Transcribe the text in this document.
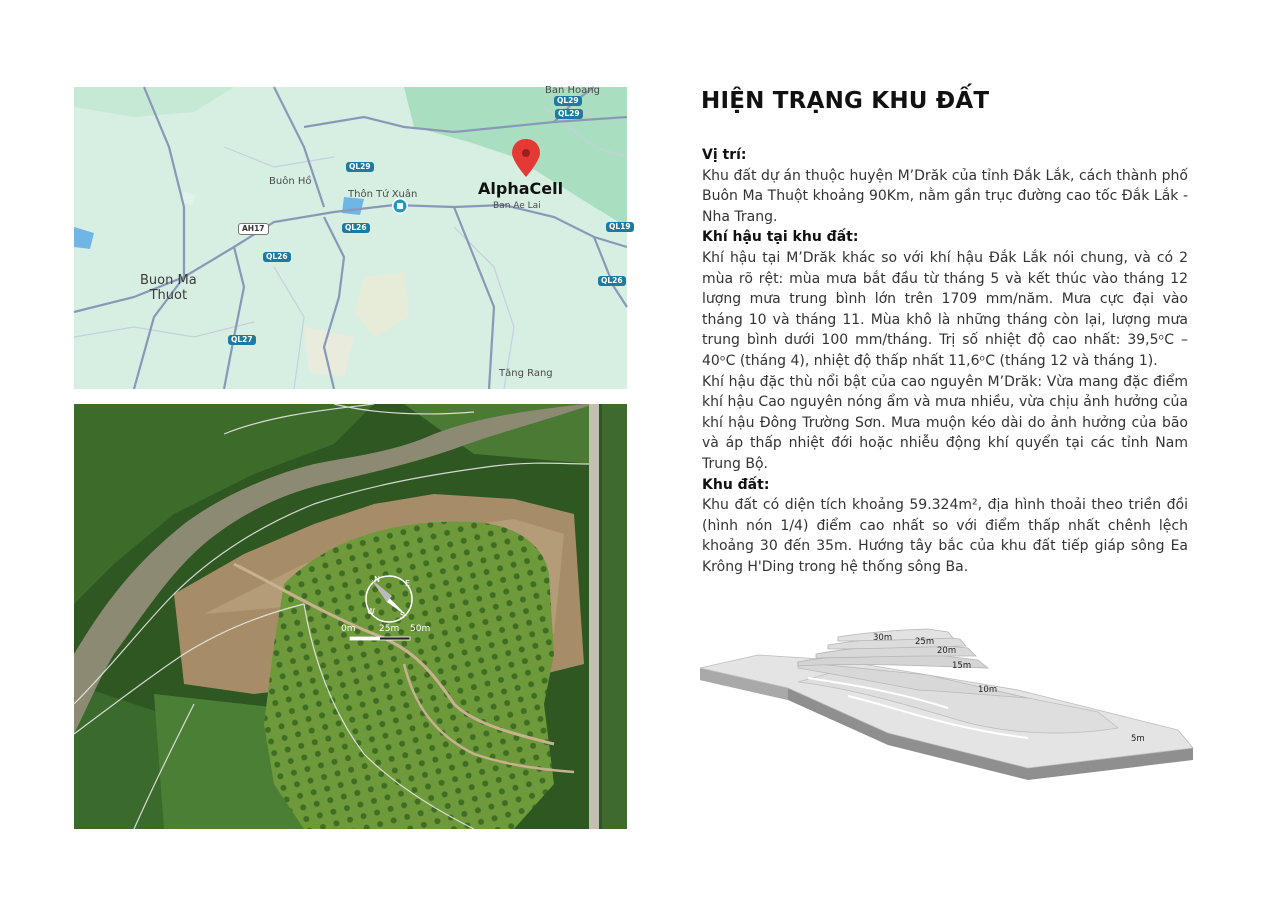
Ban Hoang
Buôn Hồ
Thôn Tứ Xuân
Ban Ae Lai
Tăng Rang
Buon Ma
Thuot
QL29
QL29
QL29
AH17	QL26
QL26
QL26
QL19
QL27
AlphaCell
N	E
S
W
0m	25m 50m
HIỆN TRẠNG KHU ĐẤT
Vị trí:

Khu đất dự án thuộc huyện M’Drăk của tỉnh Đắk Lắk, cách thành phố Buôn Ma Thuột khoảng 90Km, nằm gần trục đường cao tốc Đắk Lắk - Nha Trang.

Khí hậu tại khu đất:

Khí hậu tại M’Drăk khác so với khí hậu Đắk Lắk nói chung, và có 2 mùa rõ rệt: mùa mưa bắt đầu từ tháng 5 và kết thúc vào tháng 12 lượng mưa trung bình lớn trên 1709 mm/năm. Mưa cực đại vào tháng 10 và tháng 11. Mùa khô là những tháng còn lại, lượng mưa trung bình dưới 100 mm/tháng. Trị số nhiệt độ cao nhất: 39,5ᵒC – 40ᵒC (tháng 4), nhiệt độ thấp nhất 11,6ᵒC (tháng 12 và tháng 1).

Khí hậu đặc thù nổi bật của cao nguyên M’Drăk: Vừa mang đặc điểm khí hậu Cao nguyên nóng ẩm và mưa nhiều, vừa chịu ảnh hưởng của khí hậu Đông Trường Sơn. Mưa muộn kéo dài do ảnh hưởng của bão và áp thấp nhiệt đới hoặc nhiễu động khí quyển tại các tỉnh Nam Trung Bộ.

Khu đất:

Khu đất có diện tích khoảng 59.324m², địa hình thoải theo triền đồi (hình nón 1/4) điểm cao nhất so với điểm thấp nhất chênh lệch khoảng 30 đến 35m. Hướng tây bắc của khu đất tiếp giáp sông Ea Krông H'Ding trong hệ thống sông Ba.

30m	25m
20m
15m
10m
5m
